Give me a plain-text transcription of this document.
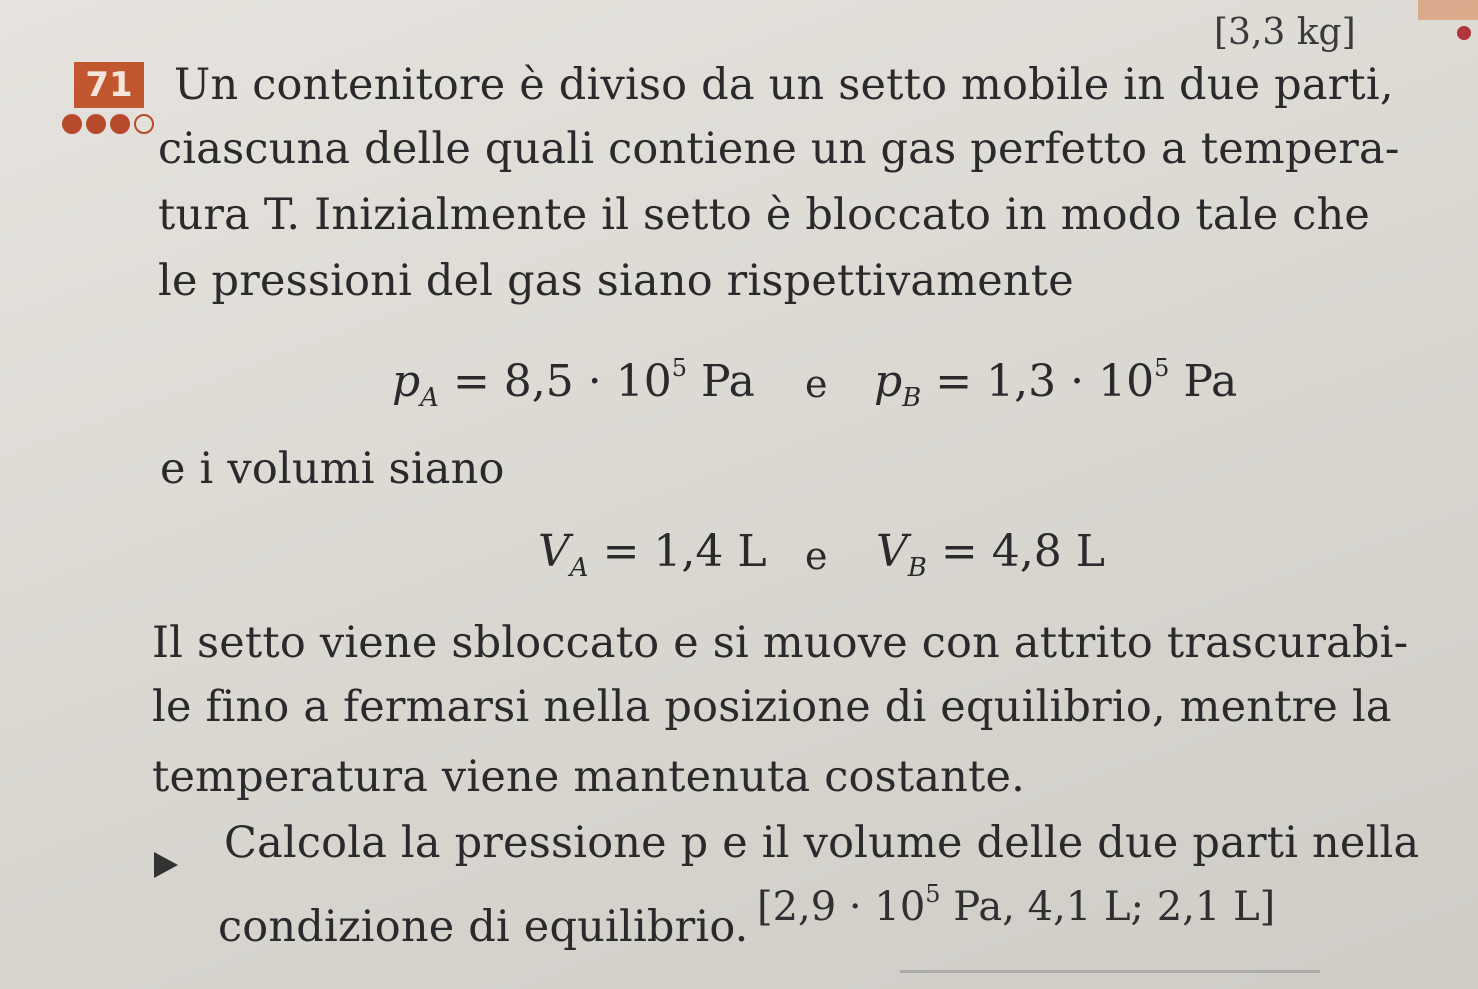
[3,3 kg]
71 Un contenitore è diviso da un setto mobile in due parti,
ciascuna delle quali contiene un gas perfetto a tempera-
tura T. Inizialmente il setto è bloccato in modo tale che
le pressioni del gas siano rispettivamente
$p_A = 8,5 \cdot 10^5$ Pa e $p_B = 1,3 \cdot 10^5$ Pa
e i volumi siano
$V_A = 1,4$ L e $V_B = 4,8$ L
Il setto viene sbloccato e si muove con attrito trascurabi-
le fino a fermarsi nella posizione di equilibrio, mentre la
temperatura viene mantenuta costante.
Calcola la pressione p e il volume delle due parti nella
condizione di equilibrio. [$2,9 \cdot 10^5$ Pa, 4,1 L; 2,1 L]
